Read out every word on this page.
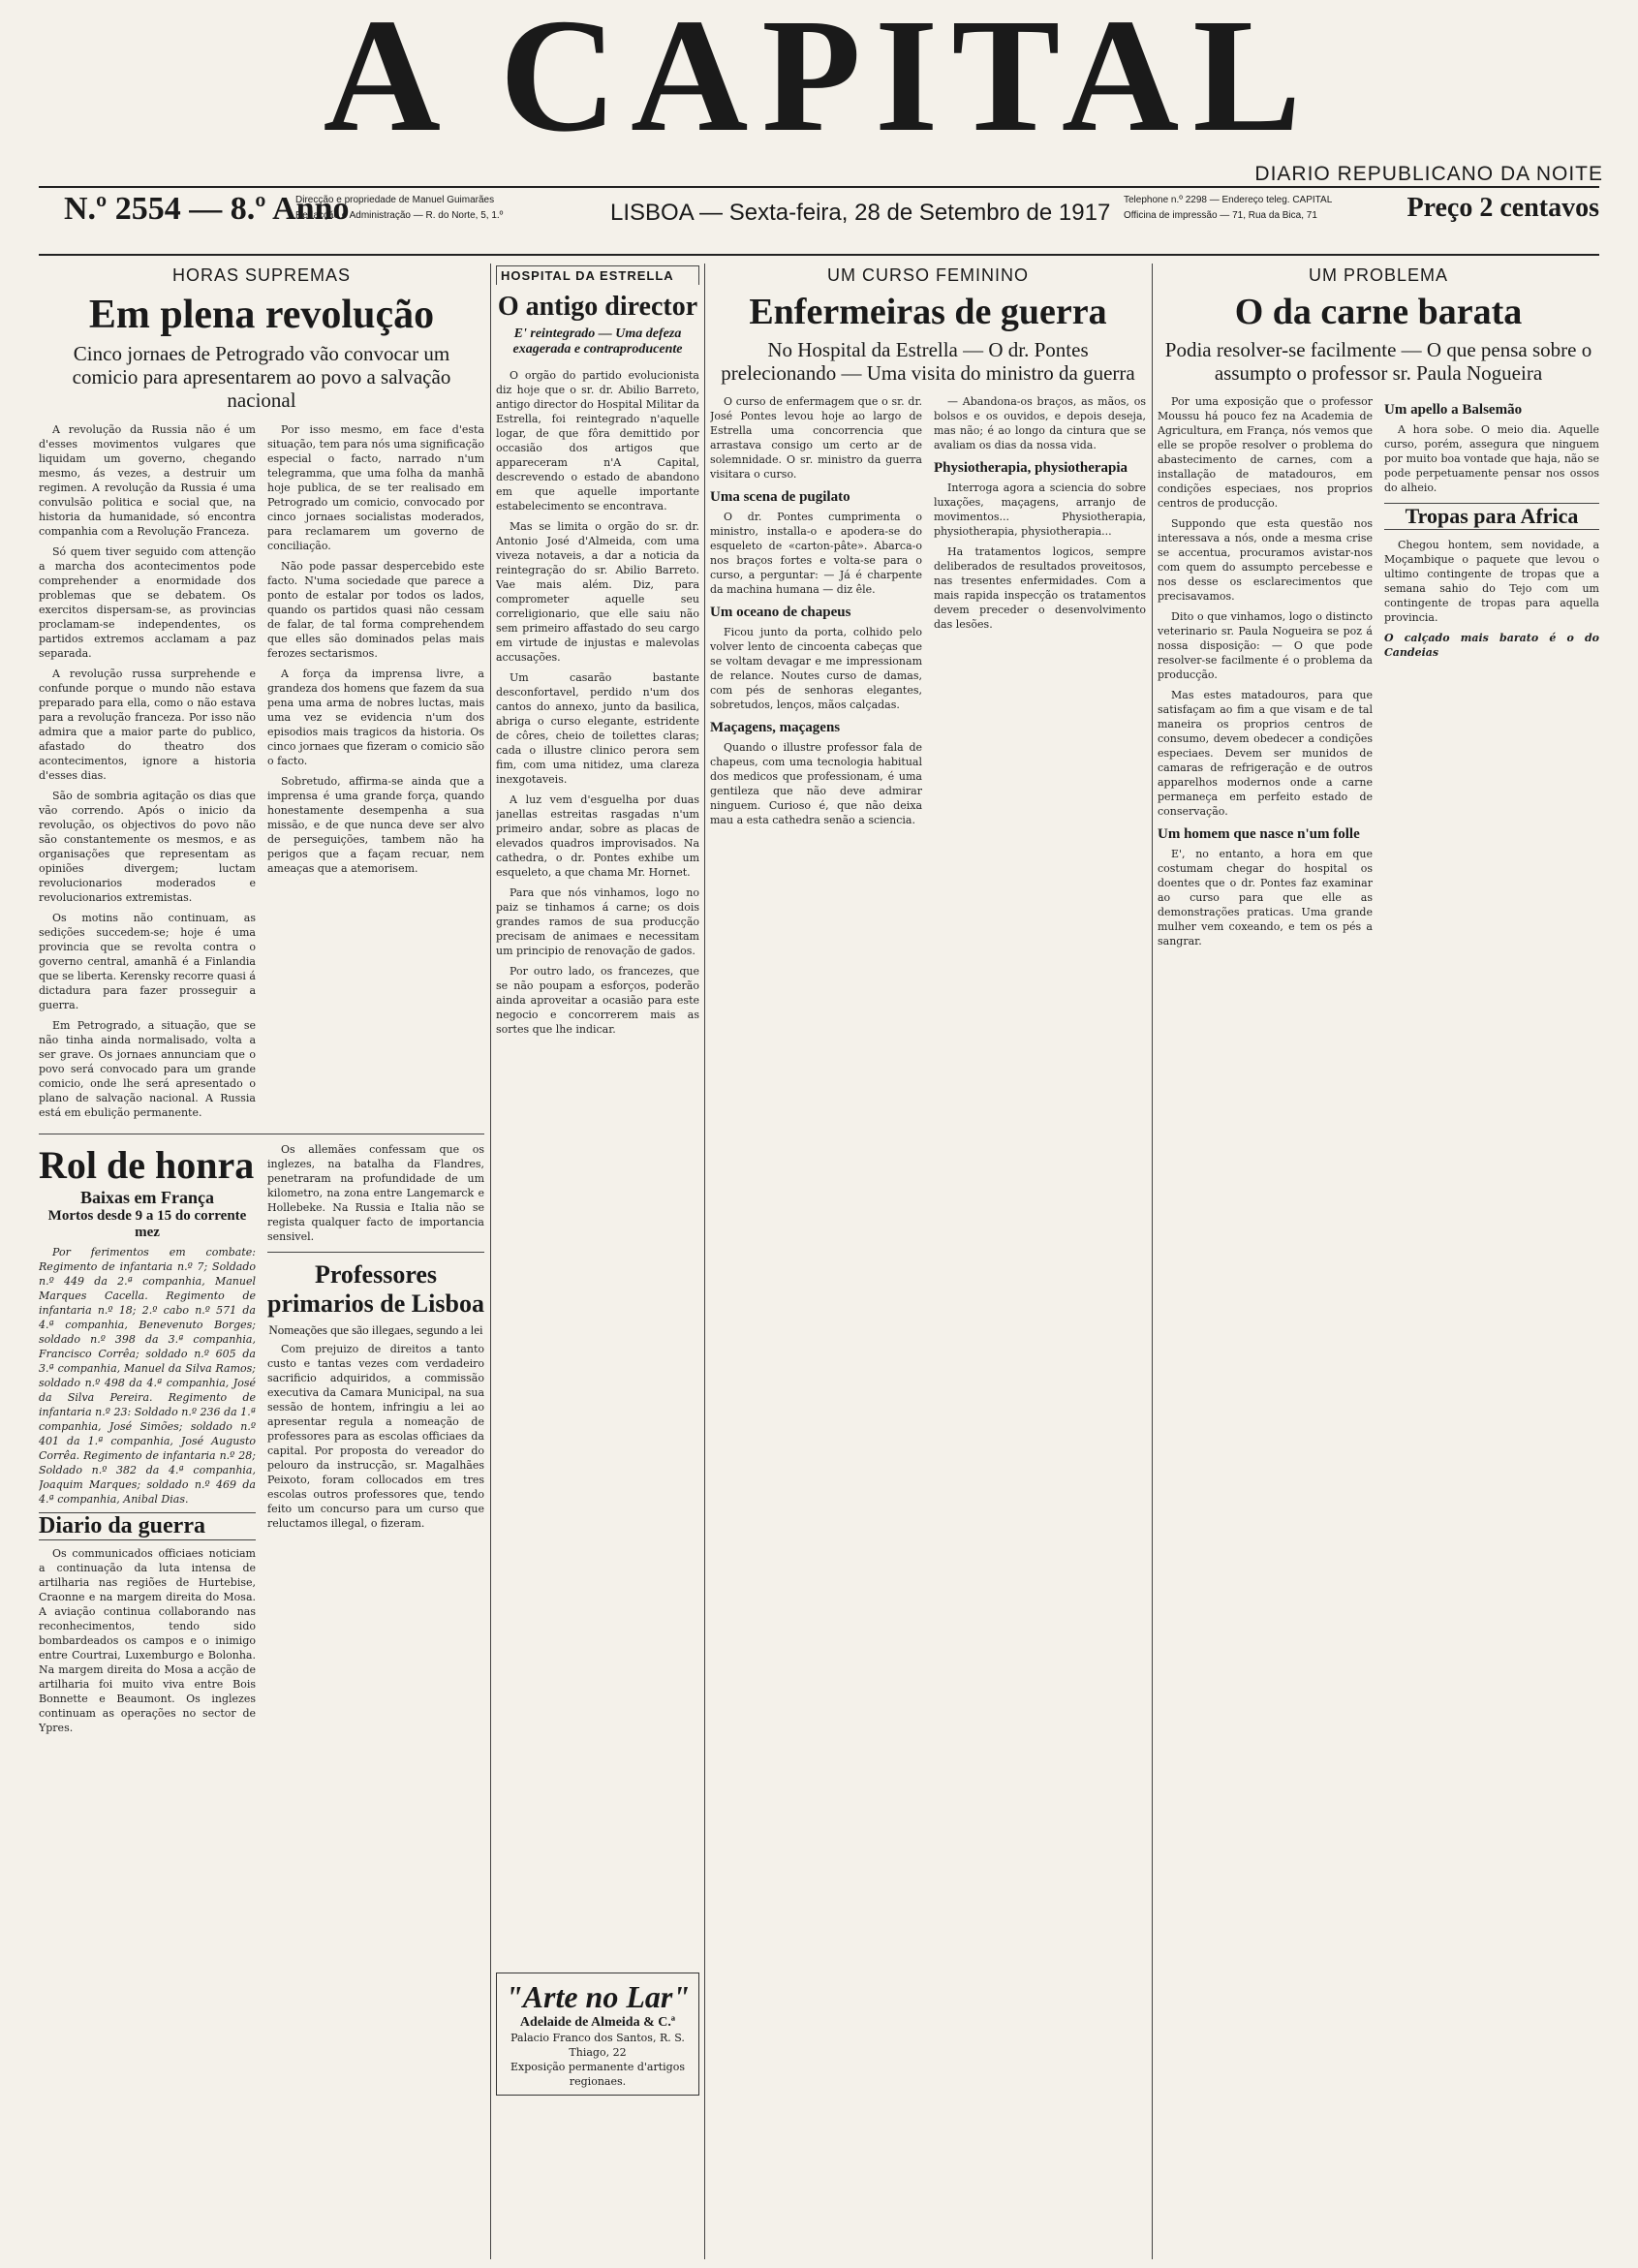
A CAPITAL
DIARIO REPUBLICANO DA NOITE
N.º 2554 — 8.º Anno
Direcção e propriedade de Manuel Guimarães
Redacção e Administração — R. do Norte, 5, 1.º	LISBOA — Sexta-feira, 28 de Setembro de 1917 Telephone n.º 2298 — Endereço teleg. CAPITAL
Officina de impressão — 71, Rua da Bica, 71	Preço 2 centavos
HORAS SUPREMAS
Em plena revolução
Cinco jornaes de Petrogrado vão convocar um comicio para apresentarem ao povo a salvação nacional

A revolução da Russia não é um d'esses movimentos vulgares que liquidam um governo, chegando mesmo, ás vezes, a destruir um regimen. A revolução da Russia é uma convulsão politica e social que, na historia da humanidade, só encontra companhia com a Revolução Franceza.

Só quem tiver seguido com attenção a marcha dos acontecimentos pode comprehender a enormidade dos problemas que se debatem. Os exercitos dispersam-se, as provincias proclamam-se independentes, os partidos extremos acclamam a paz separada.

A revolução russa surprehende e confunde porque o mundo não estava preparado para ella, como o não estava para a revolução franceza. Por isso não admira que a maior parte do publico, afastado do theatro dos acontecimentos, ignore a historia d'esses dias.

São de sombria agitação os dias que vão correndo. Após o inicio da revolução, os objectivos do povo não são constantemente os mesmos, e as organisações que representam as opiniões divergem; luctam revolucionarios moderados e revolucionarios extremistas.

Os motins não continuam, as sedições succedem-se; hoje é uma provincia que se revolta contra o governo central, amanhã é a Finlandia que se liberta. Kerensky recorre quasi á dictadura para fazer prosseguir a guerra.

Em Petrogrado, a situação, que se não tinha ainda normalisado, volta a ser grave. Os jornaes annunciam que o povo será convocado para um grande comicio, onde lhe será apresentado o plano de salvação nacional. A Russia está em ebulição permanente.

Por isso mesmo, em face d'esta situação, tem para nós uma significação especial o facto, narrado n'um telegramma, que uma folha da manhã hoje publica, de se ter realisado em Petrogrado um comicio, convocado por cinco jornaes socialistas moderados, para reclamarem um governo de conciliação.

Não pode passar despercebido este facto. N'uma sociedade que parece a ponto de estalar por todos os lados, quando os partidos quasi não cessam de falar, de tal forma comprehendem que elles são dominados pelas mais ferozes sectarismos.

A força da imprensa livre, a grandeza dos homens que fazem da sua pena uma arma de nobres luctas, mais uma vez se evidencia n'um dos episodios mais tragicos da historia. Os cinco jornaes que fizeram o comicio são o facto.

Sobretudo, affirma-se ainda que a imprensa é uma grande força, quando honestamente desempenha a sua missão, e de que nunca deve ser alvo de perseguições, tambem não ha perigos que a façam recuar, nem ameaças que a atemorisem.

Rol de honra
Baixas em França
Mortos desde 9 a 15 do corrente mez

Por ferimentos em combate: Regimento de infantaria n.º 7; Soldado n.º 449 da 2.ª companhia, Manuel Marques Cacella. Regimento de infantaria n.º 18; 2.º cabo n.º 571 da 4.ª companhia, Benevenuto Borges; soldado n.º 398 da 3.ª companhia, Francisco Corrêa; soldado n.º 605 da 3.ª companhia, Manuel da Silva Ramos; soldado n.º 498 da 4.ª companhia, José da Silva Pereira. Regimento de infantaria n.º 23: Soldado n.º 236 da 1.ª companhia, José Simões; soldado n.º 401 da 1.ª companhia, José Augusto Corrêa. Regimento de infantaria n.º 28; Soldado n.º 382 da 4.ª companhia, Joaquim Marques; soldado n.º 469 da 4.ª companhia, Anibal Dias.

Diario da guerra

Os communicados officiaes noticiam a continuação da luta intensa de artilharia nas regiões de Hurtebise, Craonne e na margem direita do Mosa. A aviação continua collaborando nas reconhecimentos, tendo sido bombardeados os campos e o inimigo entre Courtrai, Luxemburgo e Bolonha. Na margem direita do Mosa a acção de artilharia foi muito viva entre Bois Bonnette e Beaumont. Os inglezes continuam as operações no sector de Ypres.

Os allemães confessam que os inglezes, na batalha da Flandres, penetraram na profundidade de um kilometro, na zona entre Langemarck e Hollebeke. Na Russia e Italia não se regista qualquer facto de importancia sensivel.

Professores primarios de Lisboa
Nomeações que são illegaes, segundo a lei

Com prejuizo de direitos a tanto custo e tantas vezes com verdadeiro sacrificio adquiridos, a commissão executiva da Camara Municipal, na sua sessão de hontem, infringiu a lei ao apresentar regula a nomeação de professores para as escolas officiaes da capital. Por proposta do vereador do pelouro da instrucção, sr. Magalhães Peixoto, foram collocados em tres escolas outros professores que, tendo feito um concurso para um curso que reluctamos illegal, o fizeram.

HOSPITAL DA ESTRELLA
O antigo director
E' reintegrado — Uma defeza exagerada e contraproducente

O orgão do partido evolucionista diz hoje que o sr. dr. Abilio Barreto, antigo director do Hospital Militar da Estrella, foi reintegrado n'aquelle logar, de que fôra demittido por occasião dos artigos que appareceram n'A Capital, descrevendo o estado de abandono em que aquelle importante estabelecimento se encontrava.

Mas se limita o orgão do sr. dr. Antonio José d'Almeida, com uma viveza notaveis, a dar a noticia da reintegração do sr. Abilio Barreto. Vae mais além. Diz, para comprometer aquelle seu correligionario, que elle saiu não sem primeiro affastado do seu cargo em virtude de injustas e malevolas accusações.

Um casarão bastante desconfortavel, perdido n'um dos cantos do annexo, junto da basilica, abriga o curso elegante, estridente de côres, cheio de toilettes claras; cada o illustre clinico perora sem fim, com uma nitidez, uma clareza inexgotaveis.

A luz vem d'esguelha por duas janellas estreitas rasgadas n'um primeiro andar, sobre as placas de elevados quadros improvisados. Na cathedra, o dr. Pontes exhibe um esqueleto, a que chama Mr. Hornet.

Para que nós vinhamos, logo no paiz se tinhamos á carne; os dois grandes ramos de sua producção precisam de animaes e necessitam um principio de renovação de gados.

Por outro lado, os francezes, que se não poupam a esforços, poderão ainda aproveitar a ocasião para este negocio e concorrerem mais as sortes que lhe indicar.

"Arte no Lar"
Adelaide de Almeida & C.ª
Palacio Franco dos Santos, R. S. Thiago, 22
Exposição permanente d'artigos regionaes.
UM CURSO FEMININO
Enfermeiras de guerra
No Hospital da Estrella — O dr. Pontes prelecionando — Uma visita do ministro da guerra

O curso de enfermagem que o sr. dr. José Pontes levou hoje ao largo de Estrella uma concorrencia que arrastava consigo um certo ar de solemnidade. O sr. ministro da guerra visitara o curso.

Uma scena de pugilato

O dr. Pontes cumprimenta o ministro, installa-o e apodera-se do esqueleto de «carton-pâte». Abarca-o nos braços fortes e volta-se para o curso, a perguntar: — Já é charpente da machina humana — diz êle.

Um oceano de chapeus

Ficou junto da porta, colhido pelo volver lento de cincoenta cabeças que se voltam devagar e me impressionam de relance. Noutes curso de damas, com pés de senhoras elegantes, sobretudos, lenços, mãos calçadas.

Maçagens, maçagens

Quando o illustre professor fala de chapeus, com uma tecnologia habitual dos medicos que professionam, é uma gentileza que não deve admirar ninguem. Curioso é, que não deixa mau a esta cathedra senão a sciencia.

— Abandona-os braços, as mãos, os bolsos e os ouvidos, e depois deseja, mas não; é ao longo da cintura que se avaliam os dias da nossa vida.

Physiotherapia, physiotherapia

Interroga agora a sciencia do sobre luxações, maçagens, arranjo de movimentos... Physiotherapia, physiotherapia, physiotherapia...

Ha tratamentos logicos, sempre deliberados de resultados proveitosos, nas tresentes enfermidades. Com a mais rapida inspecção os tratamentos devem preceder o desenvolvimento das lesões.

UM PROBLEMA
O da carne barata
Podia resolver-se facilmente — O que pensa sobre o assumpto o professor sr. Paula Nogueira

Por uma exposição que o professor Moussu há pouco fez na Academia de Agricultura, em França, nós vemos que elle se propõe resolver o problema do abastecimento de carnes, com a installação de matadouros, em condições especiaes, nos proprios centros de producção.

Suppondo que esta questão nos interessava a nós, onde a mesma crise se accentua, procuramos avistar-nos com quem do assumpto percebesse e nos desse os esclarecimentos que precisavamos.

Dito o que vinhamos, logo o distincto veterinario sr. Paula Nogueira se poz á nossa disposição: — O que pode resolver-se facilmente é o problema da producção.

Mas estes matadouros, para que satisfaçam ao fim a que visam e de tal maneira os proprios centros de consumo, devem obedecer a condições especiaes. Devem ser munidos de camaras de refrigeração e de outros apparelhos modernos onde a carne permaneça em perfeito estado de conservação.

Um homem que nasce n'um folle

E', no entanto, a hora em que costumam chegar do hospital os doentes que o dr. Pontes faz examinar ao curso para que elle as demonstrações praticas. Uma grande mulher vem coxeando, e tem os pés a sangrar.

Um apello a Balsemão

A hora sobe. O meio dia. Aquelle curso, porém, assegura que ninguem por muito boa vontade que haja, não se pode perpetuamente pensar nos ossos do alheio.

Tropas para Africa

Chegou hontem, sem novidade, a Moçambique o paquete que levou o ultimo contingente de tropas que a semana sahio do Tejo com um contingente de tropas para aquella provincia.

O calçado mais barato é o do Candeias
